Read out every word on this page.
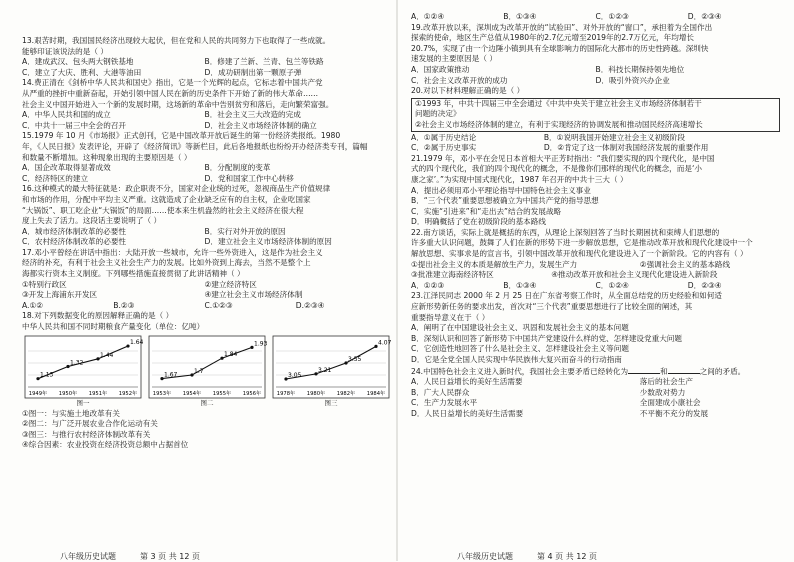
13.艰苦时期，我国国民经济出现较大起伏，但在党和人民的共同努力下也取得了一些成就。

能够印证该说法的是（ ）

A．建成武汉、包头两大钢铁基地	B．修建了兰新、兰青、包兰等铁路
C．建立了大庆、胜利、大港等油田	D．成功研制出第一颗原子弹

14.费正清在《剑桥中华人民共和国史》指出，它是一个光辉的起点，它标志着中国共产党

从严重的挫折中重新奋起，开始引领中国人民在新的历史条件下开始了新的伟大革命……

社会主义中国开始进入一个新的发展时期，这场新的革命中告别贫穷和落后，走向繁荣富强。

A．中华人民共和国的成立	B．社会主义三大改造的完成
C．中共十一届三中全会的召开	D．社会主义市场经济体制的确立

15.1979 年 10 月《市场报》正式创刊，它是中国改革开放后诞生的第一份经济类报纸。1980

年，《人民日报》发表评论，开辟了《经济简讯》等新栏目，此后各地报纸也纷纷开办经济类专刊，篇幅

和数量不断增加。这种现象出现的主要原因是（ ）

A．国企改革取得显著成效	B．分配制度的变革
C．经济特区的建立	D．党和国家工作中心转移

16.这种模式的最大特征就是：政企职责不分，国家对企业统的过死，忽视商品生产价值规律

和市场的作用，分配中平均主义严重。这就造成了企业缺乏应有的自主权，企业吃国家

“大锅饭”、职工吃企业“大锅饭”的局面……使本来生机盎然的社会主义经济在很大程

度上失去了活力。这段话主要说明了（ ）

A．城市经济体制改革的必要性	B．实行对外开放的原因
C．农村经济体制改革的必要性	D．建立社会主义市场经济体制的原因

17.邓小平曾经在讲话中指出：大陆开放一些城市，允许一些外资进入，这是作为社会主义

经济的补充，有利于社会主义社会生产力的发展。比如外资到上海去，当然不是整个上

海都实行资本主义制度。下列哪些措施直接贯彻了此讲话精神（ ）

①特别行政区	②建立经济特区
③开发上海浦东开发区	④建立社会主义市场经济体制
A.①②	B.②③	C.①②③	D.②③④

18.对下列数据变化的原因解释正确的是（ ）

中华人民共和国不同时期粮食产量变化（单位：亿吨）

1.13
1949年
1.32
1950年
1.44
1951年
1.64
1952年
图一
1.67
1953年
1.7
1954年
1.84
1955年
1.93
1956年
图二
3.05
1978年
3.21
1980年
3.55
1982年
4.07
1984年
图三

①图一：与实施土地改革有关

②图二：与广泛开展农业合作化运动有关

③图三：与推行农村经济体制改革有关

④综合因素：农业投资在经济投资总额中占据首位

八年级历史试题	第 3 页 共 12 页
A．①②④	B．①③④	C．①②③	D．②③④

19.改革开放以来，深圳成为改革开放的“试验田”、对外开放的“窗口”，承担着为全国作出

探索的使命，地区生产总值从1980年的2.7亿元增至2019年的2.7万亿元，年均增长

20.7%，实现了由一个边陲小镇到具有全球影响力的国际化大都市的历史性跨越。深圳快

速发展的主要原因是（ ）

A．国家政策推动	B．科技长期保持领先地位
C．社会主义改革开放的成功	D．吸引外资兴办企业

20.对以下材料理解正确的是（ ）

①1993 年，中共十四届三中全会通过《中共中央关于建立社会主义市场经济体制若干
问题的决定》
②社会主义市场经济体制的建立，有利于实现经济的协调发展和推动国民经济高速增长
A．①属于历史结论	B．①说明我国开始建立社会主义初级阶段
C．②属于历史事实	D．②肯定了这一体制对我国经济发展的重要作用

21.1979 年，邓小平在会见日本首相大平正芳时指出：“我们要实现的四个现代化，是中国

式的四个现代化，我们的四个现代化的概念，不是像你们那样的现代化的概念，而是‘小

康之家’。”为实现中国式现代化，1987 年召开的中共十三大（ ）

A．提出必须用邓小平理论指导中国特色社会主义事业

B．“三个代表”重要思想被确立为中国共产党的指导思想

C．实施“引进来”和“走出去”结合的发展战略

D．明确概括了党在初级阶段的基本路线

22.南方谈话，实际上就是概括的东西，从理论上深刻回答了当时长期困扰和束缚人们思想的

许多重大认识问题，鼓舞了人们在新的形势下进一步解放思想，它是推动改革开放和现代化建设中一个

解放思想、实事求是的宣言书，引领中国改革开放和现代化建设进入了一个新阶段。它的内容有（ ）

①提出社会主义的本质是解放生产力，发展生产力	②强调社会主义的基本路线
③批准建立海南经济特区	④推动改革开放和社会主义现代化建设进入新阶段
A．①②③	B．①③④	C．①②④	D．②③④

23.江泽民同志 2000 年 2 月 25 日在广东省考察工作时，从全面总结党的历史经验和如何适

应新形势新任务的要求出发，首次对“三个代表”重要思想进行了比较全面的阐述，其

重要指导意义在于（ ）

A．阐明了在中国建设社会主义、巩固和发展社会主义的基本问题

B．深刻认识和回答了新形势下中国共产党建设什么样的党、怎样建设党重大问题

C．它创造性地回答了什么是社会主义、怎样建设社会主义等问题

D．它是全党全国人民实现中华民族伟大复兴而奋斗的行动指南

24.中国特色社会主义进入新时代，我国社会主要矛盾已经转化为	和	之间的矛盾。

A．人民日益增长的美好生活需要	落后的社会生产
B．广大人民群众	少数敌对势力
C．生产力发展水平	全面建成小康社会
D．人民日益增长的美好生活需要	不平衡不充分的发展
八年级历史试题	第 4 页 共 12 页
